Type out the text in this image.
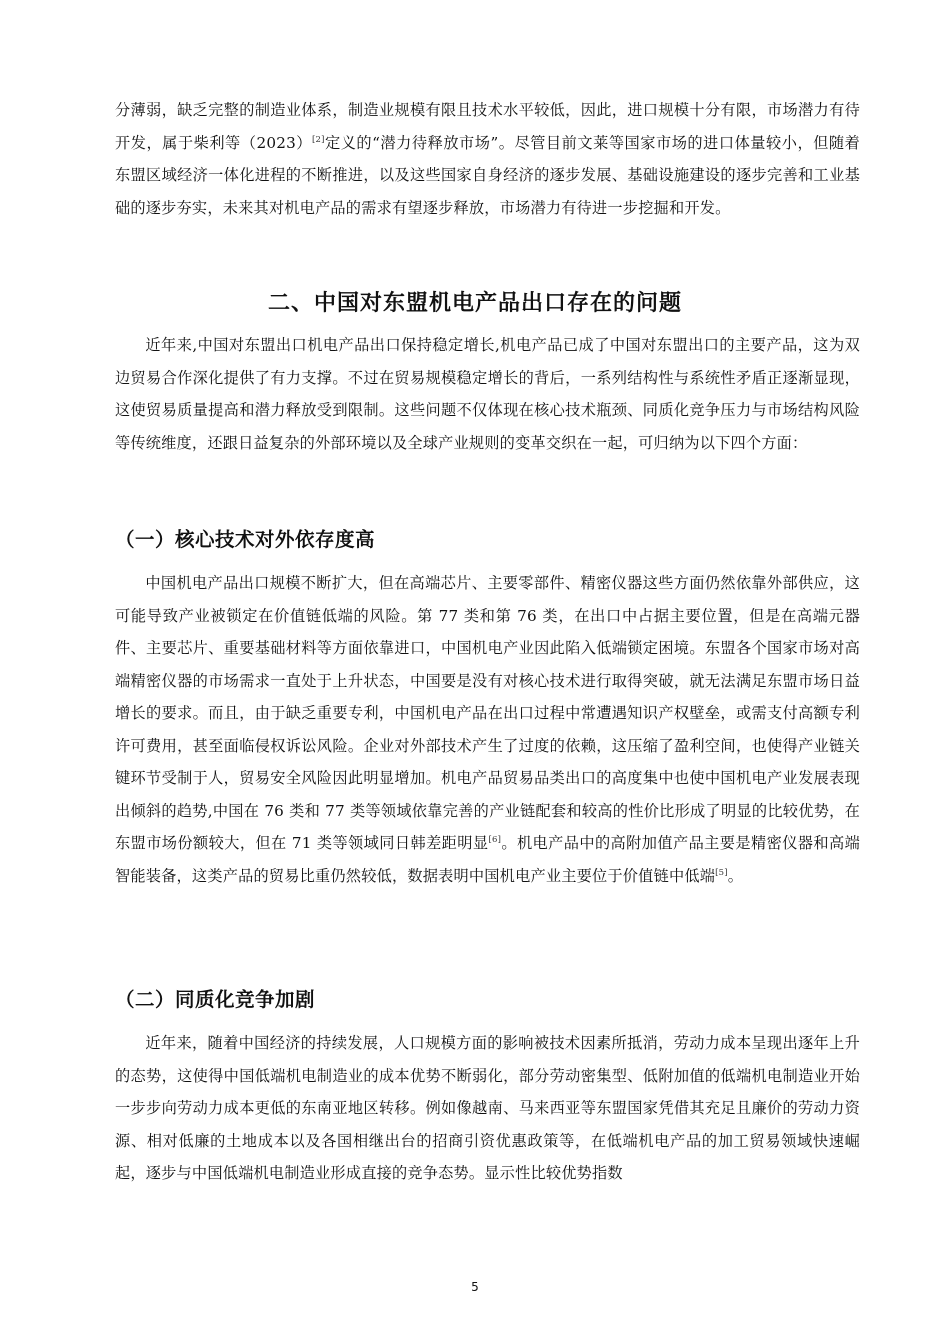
分薄弱，缺乏完整的制造业体系，制造业规模有限且技术水平较低，因此，进口规模十分有限，市场潜力有待开发，属于柴利等（2023）[2]定义的“潜力待释放市场”。尽管目前文莱等国家市场的进口体量较小，但随着东盟区域经济一体化进程的不断推进，以及这些国家自身经济的逐步发展、基础设施建设的逐步完善和工业基础的逐步夯实，未来其对机电产品的需求有望逐步释放，市场潜力有待进一步挖掘和开发。

二、中国对东盟机电产品出口存在的问题

近年来,中国对东盟出口机电产品出口保持稳定增长,机电产品已成了中国对东盟出口的主要产品，这为双边贸易合作深化提供了有力支撑。不过在贸易规模稳定增长的背后，一系列结构性与系统性矛盾正逐渐显现，这使贸易质量提高和潜力释放受到限制。这些问题不仅体现在核心技术瓶颈、同质化竞争压力与市场结构风险等传统维度，还跟日益复杂的外部环境以及全球产业规则的变革交织在一起，可归纳为以下四个方面：

（一）核心技术对外依存度高

中国机电产品出口规模不断扩大，但在高端芯片、主要零部件、精密仪器这些方面仍然依靠外部供应，这可能导致产业被锁定在价值链低端的风险。第 77 类和第 76 类，在出口中占据主要位置，但是在高端元器件、主要芯片、重要基础材料等方面依靠进口，中国机电产业因此陷入低端锁定困境。东盟各个国家市场对高端精密仪器的市场需求一直处于上升状态，中国要是没有对核心技术进行取得突破，就无法满足东盟市场日益增长的要求。而且，由于缺乏重要专利，中国机电产品在出口过程中常遭遇知识产权壁垒，或需支付高额专利许可费用，甚至面临侵权诉讼风险。企业对外部技术产生了过度的依赖，这压缩了盈利空间，也使得产业链关键环节受制于人，贸易安全风险因此明显增加。机电产品贸易品类出口的高度集中也使中国机电产业发展表现出倾斜的趋势,中国在 76 类和 77 类等领域依靠完善的产业链配套和较高的性价比形成了明显的比较优势，在东盟市场份额较大，但在 71 类等领域同日韩差距明显[6]。机电产品中的高附加值产品主要是精密仪器和高端智能装备，这类产品的贸易比重仍然较低，数据表明中国机电产业主要位于价值链中低端[5]。

（二）同质化竞争加剧

近年来，随着中国经济的持续发展，人口规模方面的影响被技术因素所抵消，劳动力成本呈现出逐年上升的态势，这使得中国低端机电制造业的成本优势不断弱化，部分劳动密集型、低附加值的低端机电制造业开始一步步向劳动力成本更低的东南亚地区转移。例如像越南、马来西亚等东盟国家凭借其充足且廉价的劳动力资源、相对低廉的土地成本以及各国相继出台的招商引资优惠政策等，在低端机电产品的加工贸易领域快速崛起，逐步与中国低端机电制造业形成直接的竞争态势。显示性比较优势指数

5
